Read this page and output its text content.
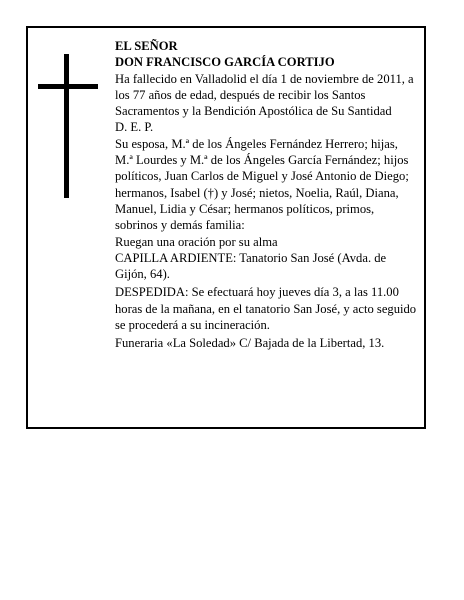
EL SEÑOR

DON FRANCISCO GARCÍA CORTIJO

Ha fallecido en Valladolid el día 1 de noviembre de 2011, a los 77 años de edad, después de recibir los Santos Sacramentos y la Bendición Apostólica de Su Santidad

D. E. P.

Su esposa, M.ª de los Ángeles Fernández Herrero; hijas, M.ª Lourdes y M.ª de los Ángeles García Fernández; hijos políticos, Juan Carlos de Miguel y José Antonio de Diego; hermanos, Isabel (†) y José; nietos, Noelia, Raúl, Diana, Manuel, Lidia y César; hermanos políticos, primos, sobrinos y demás familia:

Ruegan una oración por su alma

CAPILLA ARDIENTE: Tanatorio San José (Avda. de Gijón, 64).

DESPEDIDA: Se efectuará hoy jueves día 3, a las 11.00 horas de la mañana, en el tanatorio San José, y acto seguido se procederá a su incineración.

Funeraria «La Soledad» C/ Bajada de la Libertad, 13.
